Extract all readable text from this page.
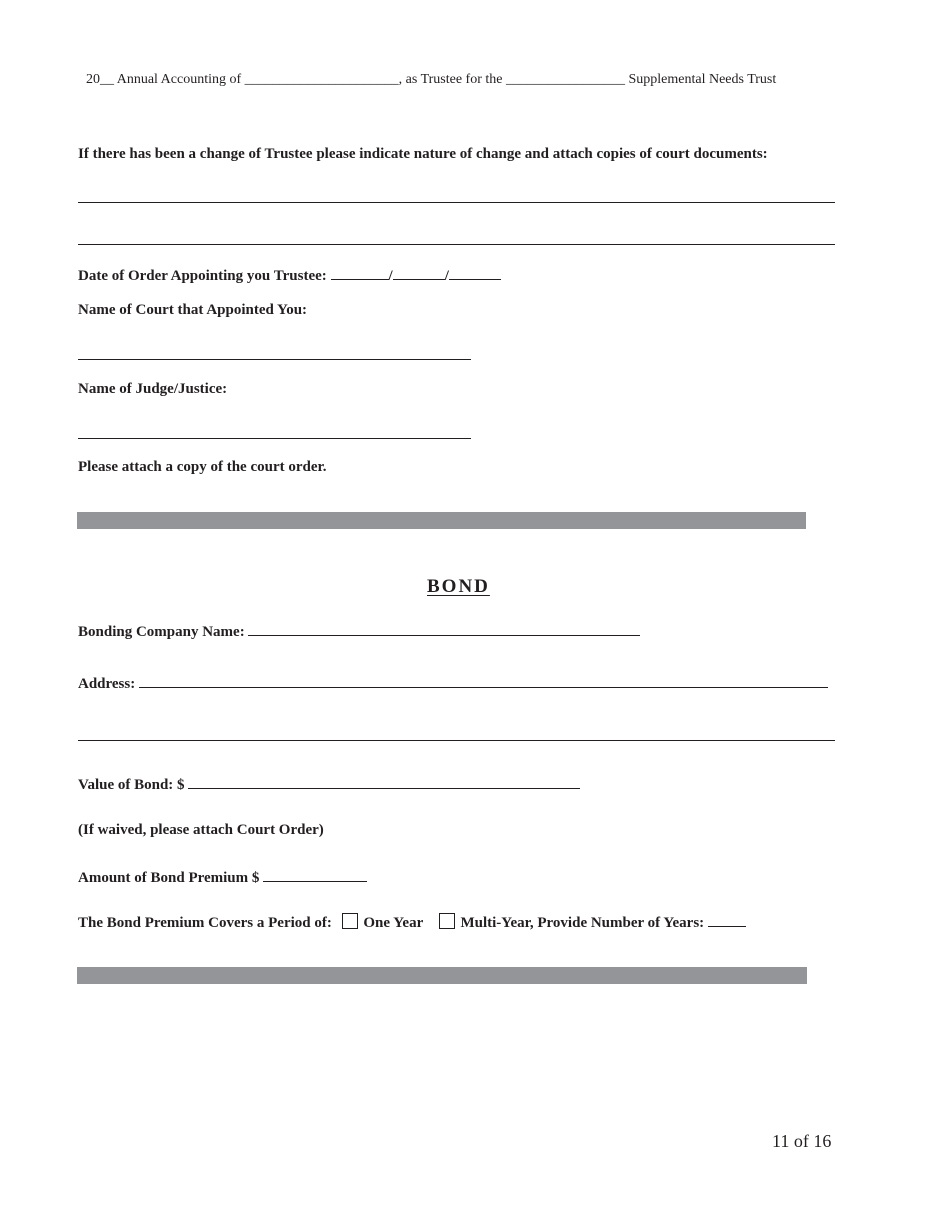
20__ Annual Accounting of ______________________, as Trustee for the _________________ Supplemental Needs Trust
If there has been a change of Trustee please indicate nature of change and attach copies of court documents:
Date of Order Appointing you Trustee:	/	/
Name of Court that Appointed You:
Name of Judge/Justice:
Please attach a copy of the court order.
BOND
Bonding Company Name:
Address:
Value of Bond: $
(If waived, please attach Court Order)
Amount of Bond Premium $
The Bond Premium Covers a Period of: One Year	Multi-Year, Provide Number of Years:
11 of 16
